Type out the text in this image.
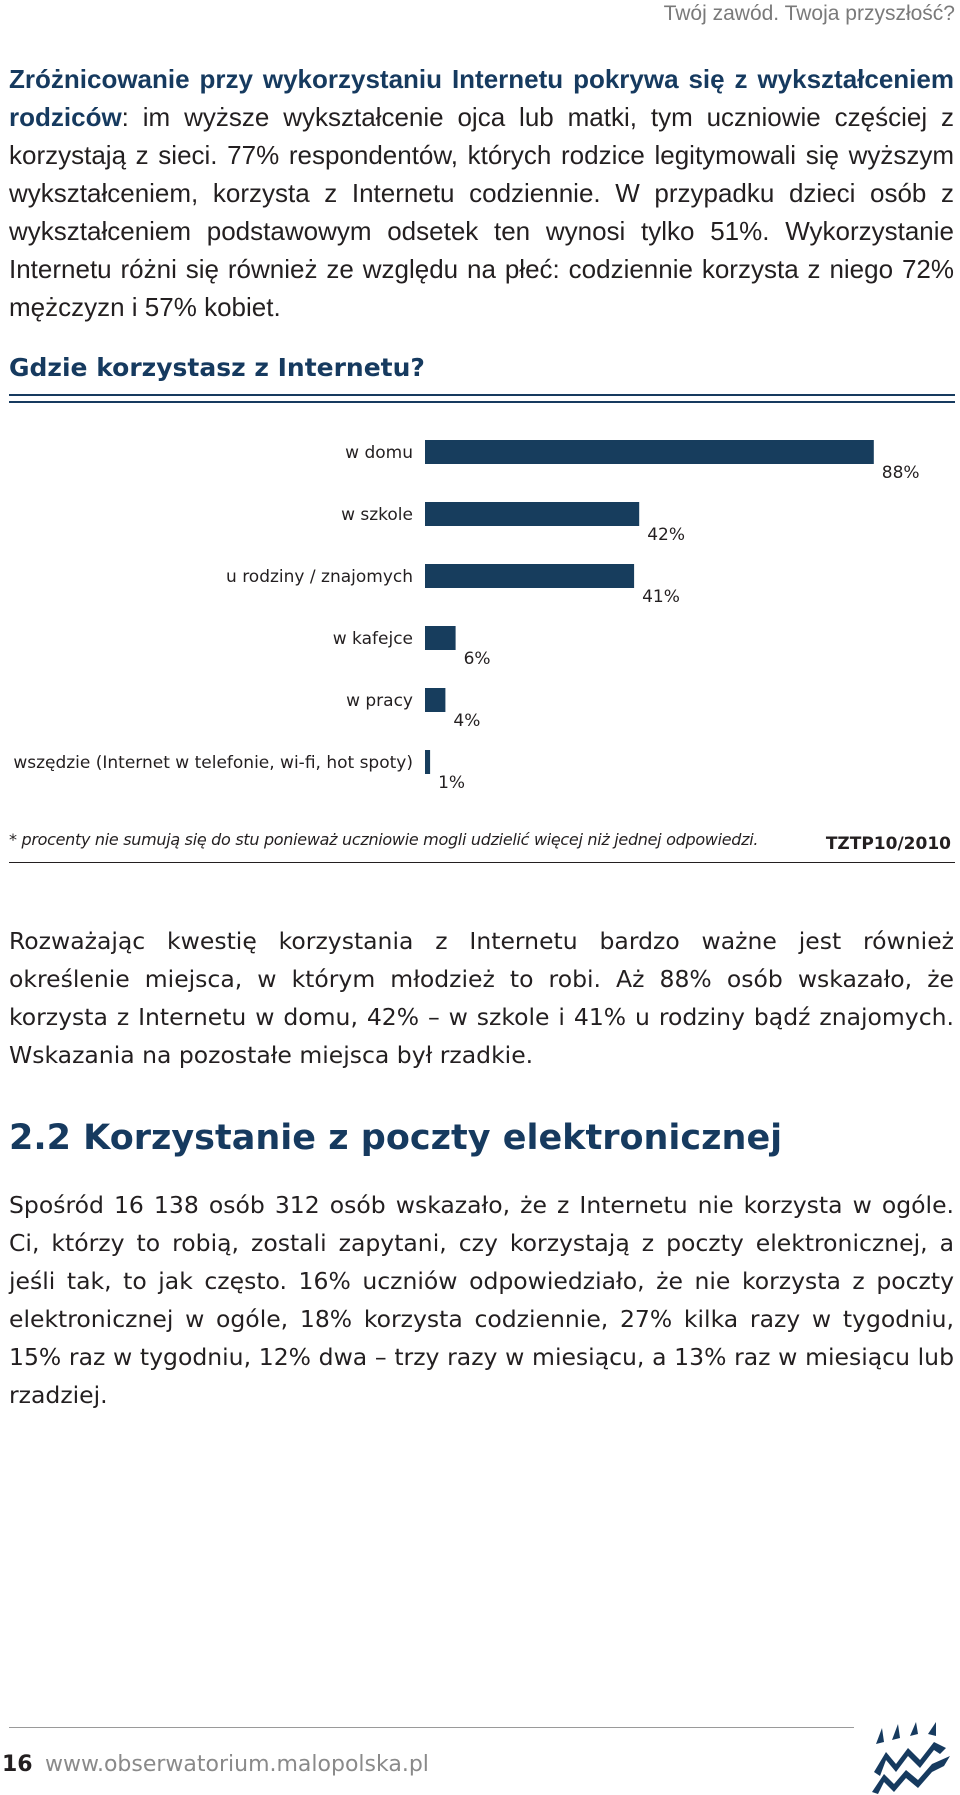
Twój zawód. Twoja przyszłość?
Zróżnicowanie przy wykorzystaniu Internetu pokrywa się z wykształceniem rodziców: im wyższe wykształcenie ojca lub matki, tym uczniowie częściej z korzystają z sieci. 77% respondentów, których rodzice legitymowali się wyższym wykształceniem, korzysta z Internetu codziennie. W przypadku dzieci osób z wykształceniem podstawowym odsetek ten wynosi tylko 51%. Wykorzystanie Internetu różni się również ze względu na płeć: codziennie korzysta z niego 72% mężczyzn i 57% kobiet.
Gdzie korzystasz z Internetu?
w domu
88%
w szkole
42%
u rodziny / znajomych
41%
w kafejce
6%
w pracy
4%
wszędzie (Internet w telefonie, wi-fi, hot spoty)
1%
* procenty nie sumują się do stu ponieważ uczniowie mogli udzielić więcej niż jednej odpowiedzi.	TZTP10/2010
Rozważając kwestię korzystania z Internetu bardzo ważne jest również określenie miejsca, w którym młodzież to robi. Aż 88% osób wskazało, że korzysta z Internetu w domu, 42% – w szkole i 41% u rodziny bądź znajomych. Wskazania na pozostałe miejsca był rzadkie.
2.2 Korzystanie z poczty elektronicznej
Spośród 16 138 osób 312 osób wskazało, że z Internetu nie korzysta w ogóle. Ci, którzy to robią, zostali zapytani, czy korzystają z poczty elektronicznej, a jeśli tak, to jak często. 16% uczniów odpowiedziało, że nie korzysta z poczty elektronicznej w ogóle, 18% korzysta codziennie, 27% kilka razy w tygodniu, 15% raz w tygodniu, 12% dwa – trzy razy w miesiącu, a 13% raz w miesiącu lub rzadziej.
16 www.obserwatorium.malopolska.pl
